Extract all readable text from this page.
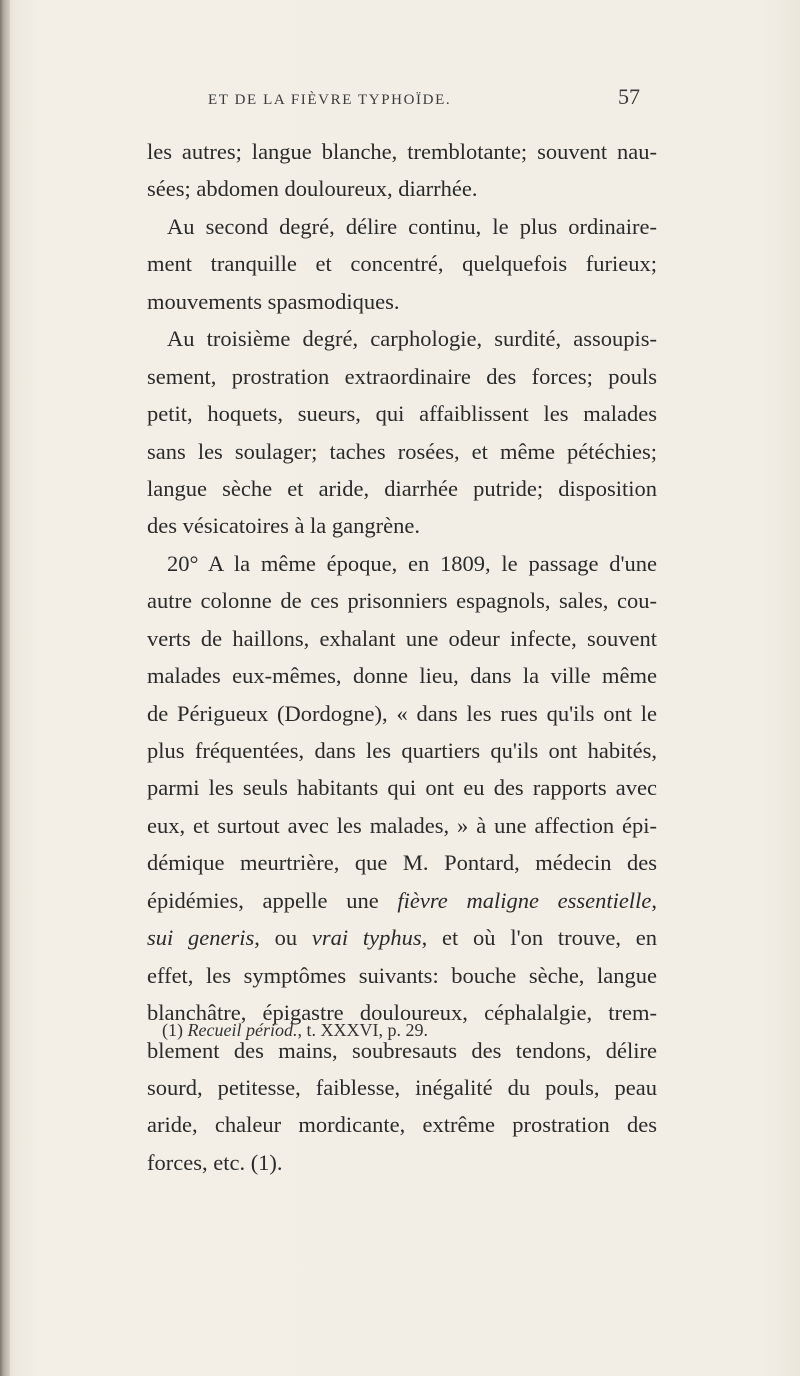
ET DE LA FIÈVRE TYPHOÏDE.	57
les autres; langue blanche, tremblotante; souvent nau-
sées; abdomen douloureux, diarrhée.
Au second degré, délire continu, le plus ordinaire-
ment tranquille et concentré, quelquefois furieux;
mouvements spasmodiques.
Au troisième degré, carphologie, surdité, assoupis-
sement, prostration extraordinaire des forces; pouls
petit, hoquets, sueurs, qui affaiblissent les malades
sans les soulager; taches rosées, et même pétéchies;
langue sèche et aride, diarrhée putride; disposition
des vésicatoires à la gangrène.
20° A la même époque, en 1809, le passage d'une
autre colonne de ces prisonniers espagnols, sales, cou-
verts de haillons, exhalant une odeur infecte, souvent
malades eux-mêmes, donne lieu, dans la ville même
de Périgueux (Dordogne), « dans les rues qu'ils ont le
plus fréquentées, dans les quartiers qu'ils ont habités,
parmi les seuls habitants qui ont eu des rapports avec
eux, et surtout avec les malades, » à une affection épi-
démique meurtrière, que M. Pontard, médecin des
épidémies, appelle une fièvre maligne essentielle,
sui generis, ou vrai typhus, et où l'on trouve, en
effet, les symptômes suivants: bouche sèche, langue
blanchâtre, épigastre douloureux, céphalalgie, trem-
blement des mains, soubresauts des tendons, délire
sourd, petitesse, faiblesse, inégalité du pouls, peau
aride, chaleur mordicante, extrême prostration des
forces, etc. (1).
(1) Recueil périod., t. XXXVI, p. 29.
